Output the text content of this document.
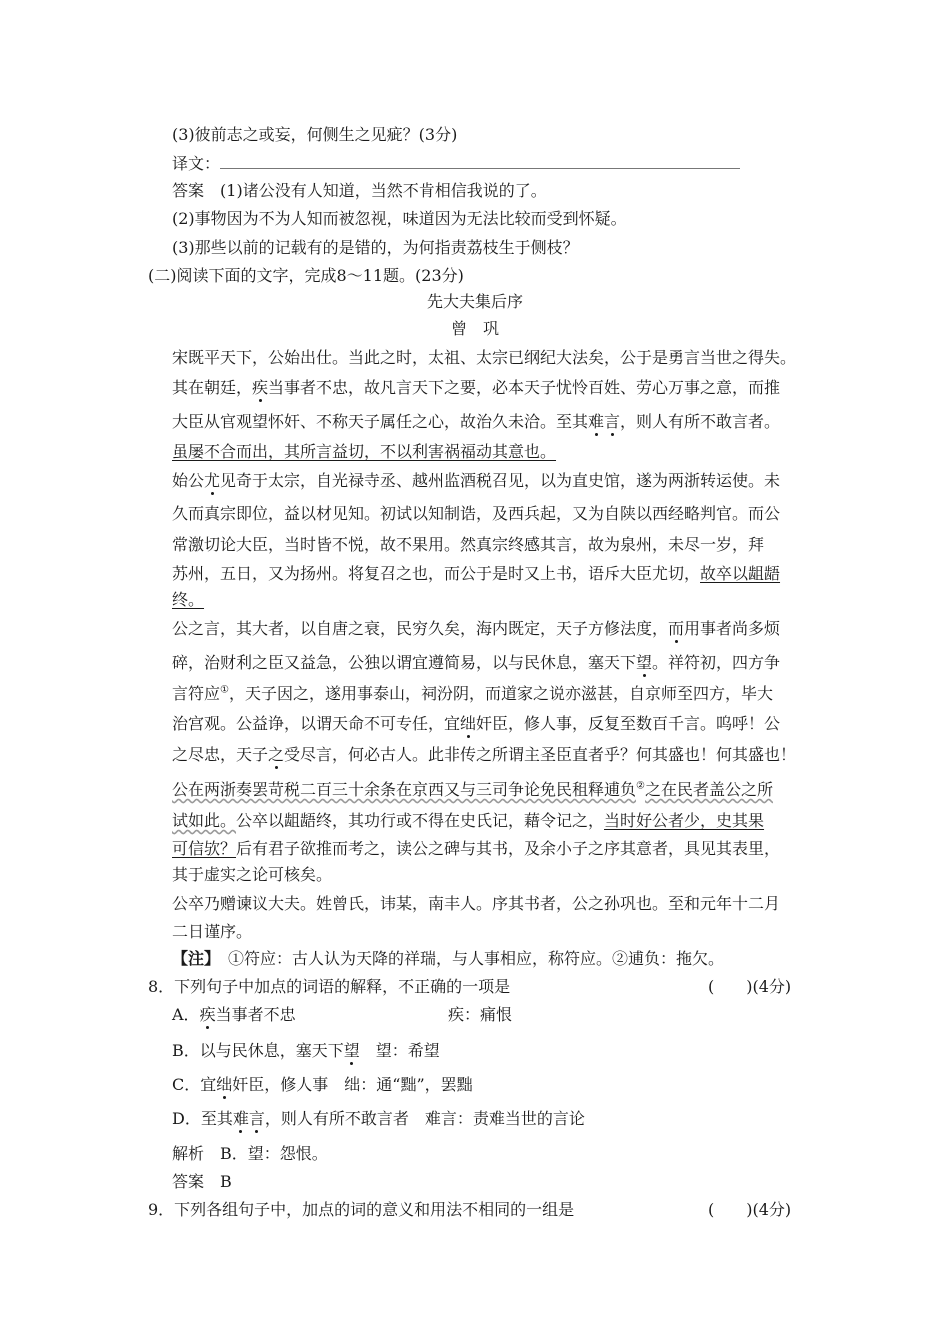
(3)彼前志之或妄，何侧生之见疵？(3分)
译文：
答案　 (1)诸公没有人知道，当然不肯相信我说的了。
(2)事物因为不为人知而被忽视，味道因为无法比较而受到怀疑。
(3)那些以前的记载有的是错的，为何指责荔枝生于侧枝？
(二)阅读下面的文字，完成8～11题。(23分)
先大夫集后序
曾　巩
宋既平天下，公始出仕。当此之时，太祖、太宗已纲纪大法矣，公于是勇言当世之得失。
其在朝廷，疾当事者不忠，故凡言天下之要，必本天子忧怜百姓、劳心万事之意，而推
大臣从官观望怀奸、不称天子属任之心，故治久未洽。至其难言，则人有所不敢言者。
虽屡不合而出，其所言益切，不以利害祸福动其意也。
始公尤见奇于太宗，自光禄寺丞、越州监酒税召见，以为直史馆，遂为两浙转运使。未
久而真宗即位，益以材见知。初试以知制诰，及西兵起，又为自陕以西经略判官。而公
常激切论大臣，当时皆不悦，故不果用。然真宗终感其言，故为泉州，未尽一岁，拜
苏州，五日，又为扬州。将复召之也，而公于是时又上书，语斥大臣尤切，故卒以龃龉
终。
公之言，其大者，以自唐之衰，民穷久矣，海内既定，天子方修法度，而用事者尚多烦
碎，治财利之臣又益急，公独以谓宜遵简易，以与民休息，塞天下望。祥符初，四方争
言符应①，天子因之，遂用事泰山，祠汾阴，而道家之说亦滋甚，自京师至四方，毕大
治宫观。公益诤，以谓天命不可专任，宜绌奸臣，修人事，反复至数百千言。呜呼！公
之尽忠，天子之受尽言，何必古人。此非传之所谓主圣臣直者乎？何其盛也！何其盛也！
公在两浙奏罢苛税二百三十余条在京西又与三司争论免民租释逋负②之在民者盖公之所
试如此。公卒以龃龉终，其功行或不得在史氏记，藉令记之，当时好公者少，史其果
可信欤？后有君子欲推而考之，读公之碑与其书，及余小子之序其意者，具见其表里，
其于虚实之论可核矣。
公卒乃赠谏议大夫。姓曾氏，讳某，南丰人。序其书者，公之孙巩也。至和元年十二月
二日谨序。
【注】　 ①符应：古人认为天降的祥瑞，与人事相应，称符应。②逋负：拖欠。
8．下列句子中加点的词语的解释，不正确的一项是	(　　)(4分)
A．疾当事者不忠	疾：痛恨
B．以与民休息，塞天下望　 望：希望
C．宜绌奸臣，修人事　 绌：通“黜”，罢黜
D．至其难言，则人有所不敢言者　 难言：责难当世的言论
解析　 B．望：怨恨。
答案　 B
9．下列各组句子中，加点的词的意义和用法不相同的一组是	(　　)(4分)
